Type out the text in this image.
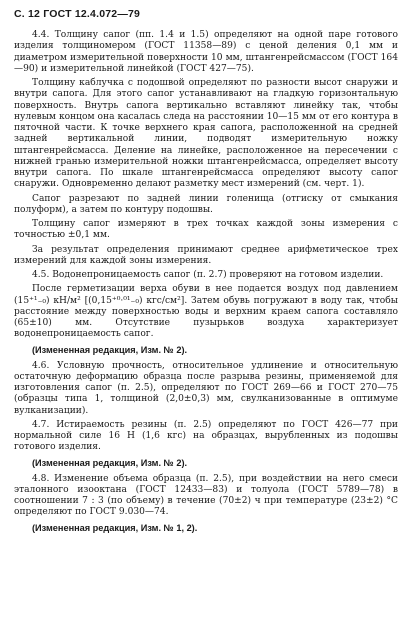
С. 12 ГОСТ 12.4.072—79

4.4. Толщину сапог (пп. 1.4 и 1.5) определяют на одной паре готового изделия толщиномером (ГОСТ 11358—89) с ценой деления 0,1 мм и диаметром измерительной поверхности 10 мм, штангенрейсмассом (ГОСТ 164—90) и измерительной линейкой (ГОСТ 427—75).

Толщину каблучка с подошвой определяют по разности высот снаружи и внутри сапога. Для этого сапог устанавливают на гладкую горизонтальную поверхность. Внутрь сапога вертикально вставляют линейку так, чтобы нулевым концом она касалась следа на расстоянии 10—15 мм от его контура в пяточной части. К точке верхнего края сапога, расположенной на средней задней вертикальной линии, подводят измерительную ножку штангенрейсмасса. Деление на линейке, расположенное на пересечении с нижней гранью измерительной ножки штангенрейсмасса, определяет высоту внутри сапога. По шкале штангенрейсмасса определяют высоту сапог снаружи. Одновременно делают разметку мест измерений (см. черт. 1).

Сапог разрезают по задней линии голенища (отгиску от смыкания полуформ), а затем по контуру подошвы.

Толщину сапог измеряют в трех точках каждой зоны измерения с точностью ±0,1 мм.

За результат определения принимают среднее арифметическое трех измерений для каждой зоны измерения.

4.5. Водонепроницаемость сапог (п. 2.7) проверяют на готовом изделии.

После герметизации верха обуви в нее подается воздух под давлением (15⁺¹₋₀) кН/м² [(0,15⁺⁰·⁰¹₋₀) кгс/см²]. Затем обувь погружают в воду так, чтобы расстояние между поверхностью воды и верхним краем сапога составляло (65±10) мм. Отсутствие пузырьков воздуха характеризует водонепроницаемость сапог.

(Измененная редакция, Изм. № 2).

4.6. Условную прочность, относительное удлинение и относительную остаточную деформацию образца после разрыва резины, применяемой для изготовления сапог (п. 2.5), определяют по ГОСТ 269—66 и ГОСТ 270—75 (образцы типа 1, толщиной (2,0±0,3) мм, свулканизованные в оптимуме вулканизации).

4.7. Истираемость резины (п. 2.5) определяют по ГОСТ 426—77 при нормальной силе 16 Н (1,6 кгс) на образцах, вырубленных из подошвы готового изделия.

(Измененная редакция, Изм. № 2).

4.8. Изменение объема образца (п. 2.5), при воздействии на него смеси эталонного изооктана (ГОСТ 12433—83) и толуола (ГОСТ 5789—78) в соотношении 7 : 3 (по объему) в течение (70±2) ч при температуре (23±2) °С определяют по ГОСТ 9.030—74.

(Измененная редакция, Изм. № 1, 2).
